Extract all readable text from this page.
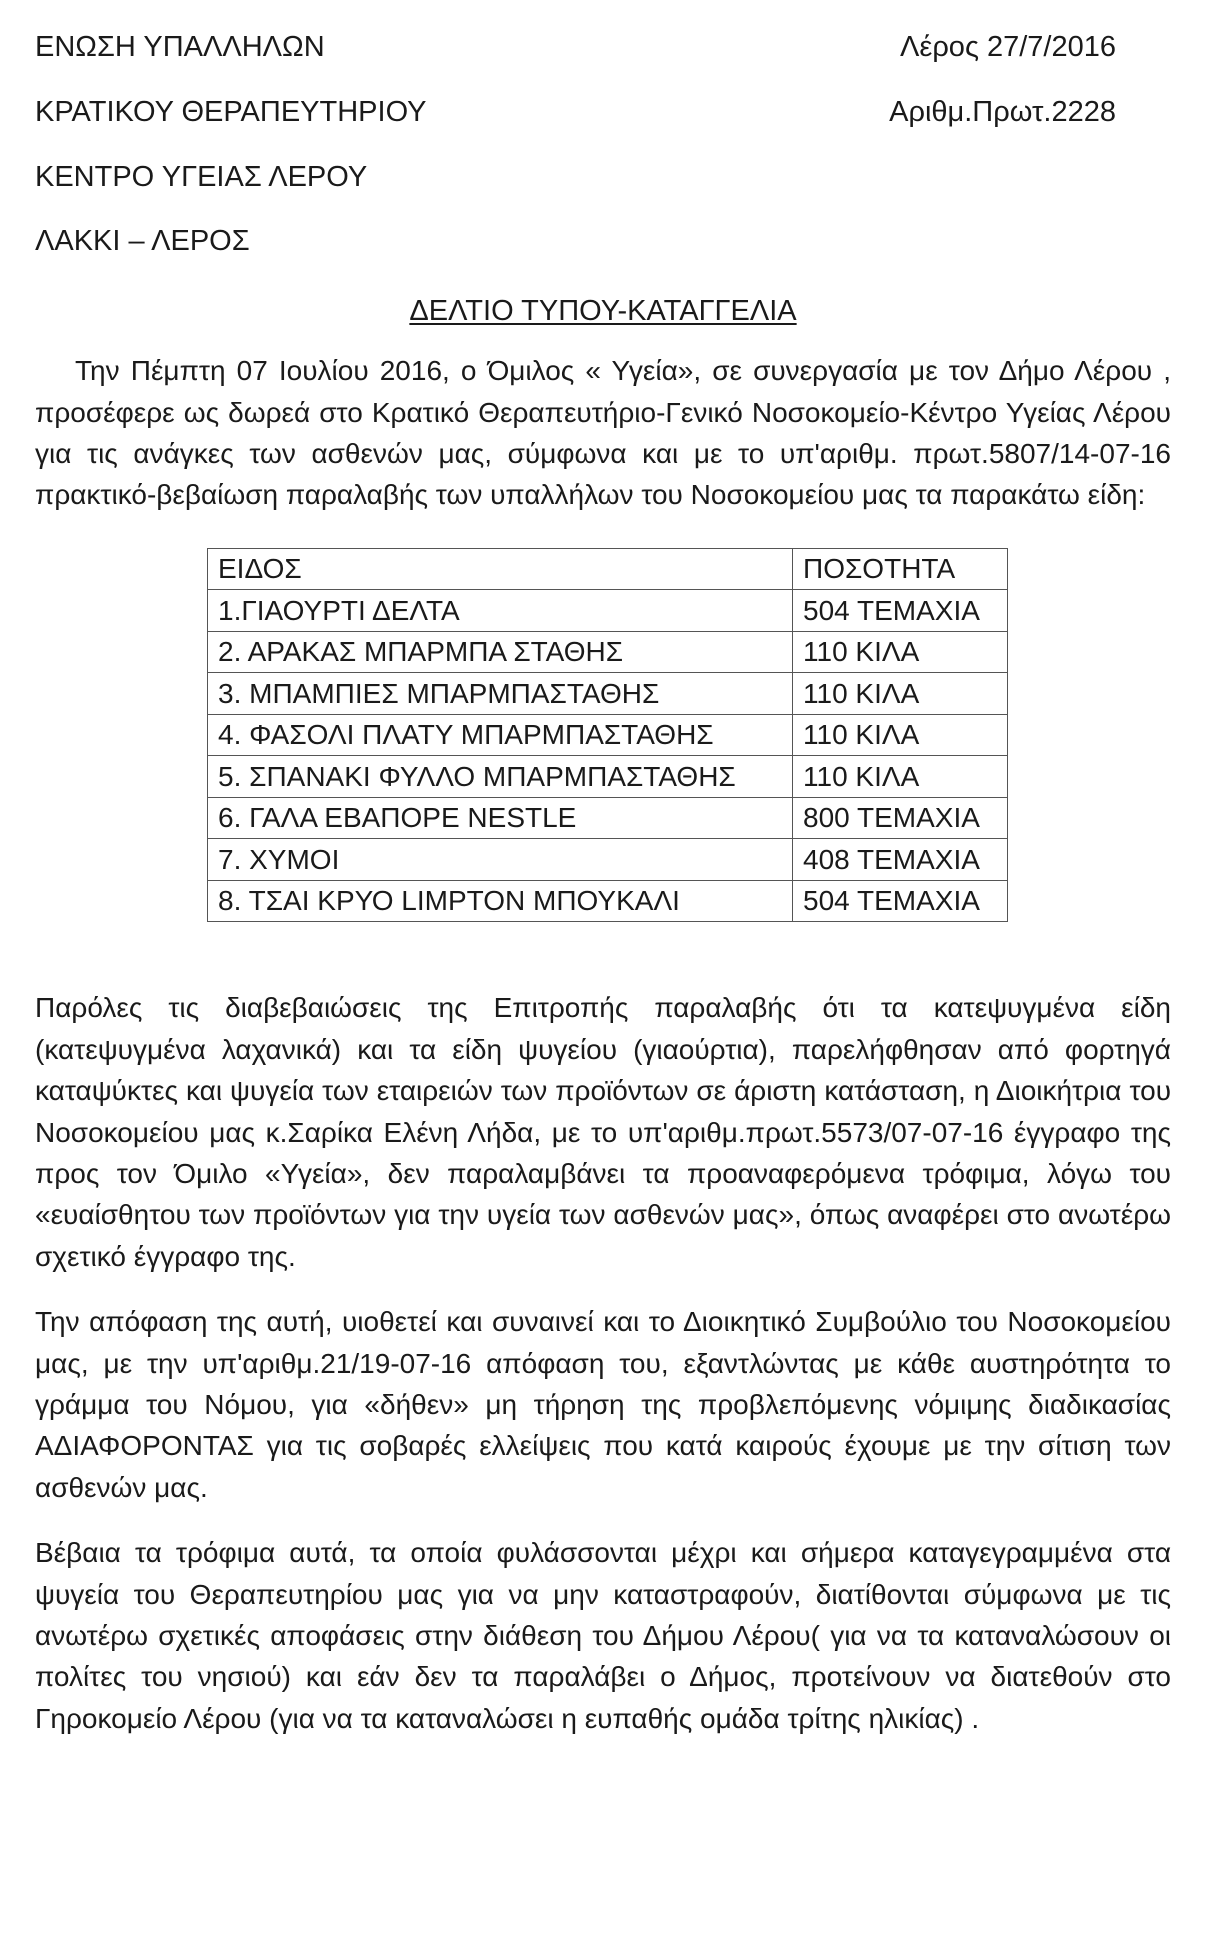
ΕΝΩΣΗ ΥΠΑΛΛΗΛΩΝ
ΚΡΑΤΙΚΟΥ ΘΕΡΑΠΕΥΤΗΡΙΟΥ
ΚΕΝΤΡΟ ΥΓΕΙΑΣ ΛΕΡΟΥ
ΛΑΚΚΙ – ΛΕΡΟΣ
Λέρος 27/7/2016
Αριθμ.Πρωτ.2228
ΔΕΛΤΙΟ ΤΥΠΟΥ-ΚΑΤΑΓΓΕΛΙΑ

Την Πέμπτη 07 Ιουλίου 2016, ο Όμιλος « Υγεία», σε συνεργασία με τον Δήμο Λέρου , προσέφερε ως δωρεά στο Κρατικό Θεραπευτήριο-Γενικό Νοσοκομείο-Κέντρο Υγείας Λέρου για τις ανάγκες των ασθενών μας, σύμφωνα και με το υπ'αριθμ. πρωτ.5807/14-07-16 πρακτικό-βεβαίωση παραλαβής των υπαλλήλων του Νοσοκομείου μας τα παρακάτω είδη:

ΕΙΔΟΣ	ΠΟΣΟΤΗΤΑ
1.ΓΙΑΟΥΡΤΙ ΔΕΛΤΑ	504 ΤΕΜΑΧΙΑ
2. ΑΡΑΚΑΣ ΜΠΑΡΜΠΑ ΣΤΑΘΗΣ	110 ΚΙΛΑ
3. ΜΠΑΜΠΙΕΣ ΜΠΑΡΜΠΑΣΤΑΘΗΣ	110 ΚΙΛΑ
4. ΦΑΣΟΛΙ ΠΛΑΤΥ ΜΠΑΡΜΠΑΣΤΑΘΗΣ	110 ΚΙΛΑ
5. ΣΠΑΝΑΚΙ ΦΥΛΛΟ ΜΠΑΡΜΠΑΣΤΑΘΗΣ	110 ΚΙΛΑ
6. ΓΑΛΑ ΕΒΑΠΟΡΕ NESTLE	800 ΤΕΜΑΧΙΑ
7. ΧΥΜΟΙ	408 ΤΕΜΑΧΙΑ
8. ΤΣΑΙ ΚΡΥΟ LIMPTON ΜΠΟΥΚΑΛΙ	504 ΤΕΜΑΧΙΑ

Παρόλες τις διαβεβαιώσεις της Επιτροπής παραλαβής ότι τα κατεψυγμένα είδη (κατεψυγμένα λαχανικά) και τα είδη ψυγείου (γιαούρτια), παρελήφθησαν από φορτηγά καταψύκτες και ψυγεία των εταιρειών των προϊόντων σε άριστη κατάσταση, η Διοικήτρια του Νοσοκομείου μας κ.Σαρίκα Ελένη Λήδα, με το υπ'αριθμ.πρωτ.5573/07-07-16 έγγραφο της προς τον Όμιλο «Υγεία», δεν παραλαμβάνει τα προαναφερόμενα τρόφιμα, λόγω του «ευαίσθητου των προϊόντων για την υγεία των ασθενών μας», όπως αναφέρει στο ανωτέρω σχετικό έγγραφο της.

Την απόφαση της αυτή, υιοθετεί και συναινεί και το Διοικητικό Συμβούλιο του Νοσοκομείου μας, με την υπ'αριθμ.21/19-07-16 απόφαση του, εξαντλώντας με κάθε αυστηρότητα το γράμμα του Νόμου, για «δήθεν» μη τήρηση της προβλεπόμενης νόμιμης διαδικασίας ΑΔΙΑΦΟΡΟΝΤΑΣ για τις σοβαρές ελλείψεις που κατά καιρούς έχουμε με την σίτιση των ασθενών μας.

Βέβαια τα τρόφιμα αυτά, τα οποία φυλάσσονται μέχρι και σήμερα καταγεγραμμένα στα ψυγεία του Θεραπευτηρίου μας για να μην καταστραφούν, διατίθονται σύμφωνα με τις ανωτέρω σχετικές αποφάσεις στην διάθεση του Δήμου Λέρου( για να τα καταναλώσουν οι πολίτες του νησιού) και εάν δεν τα παραλάβει ο Δήμος, προτείνουν να διατεθούν στο Γηροκομείο Λέρου (για να τα καταναλώσει η ευπαθής ομάδα τρίτης ηλικίας) .
